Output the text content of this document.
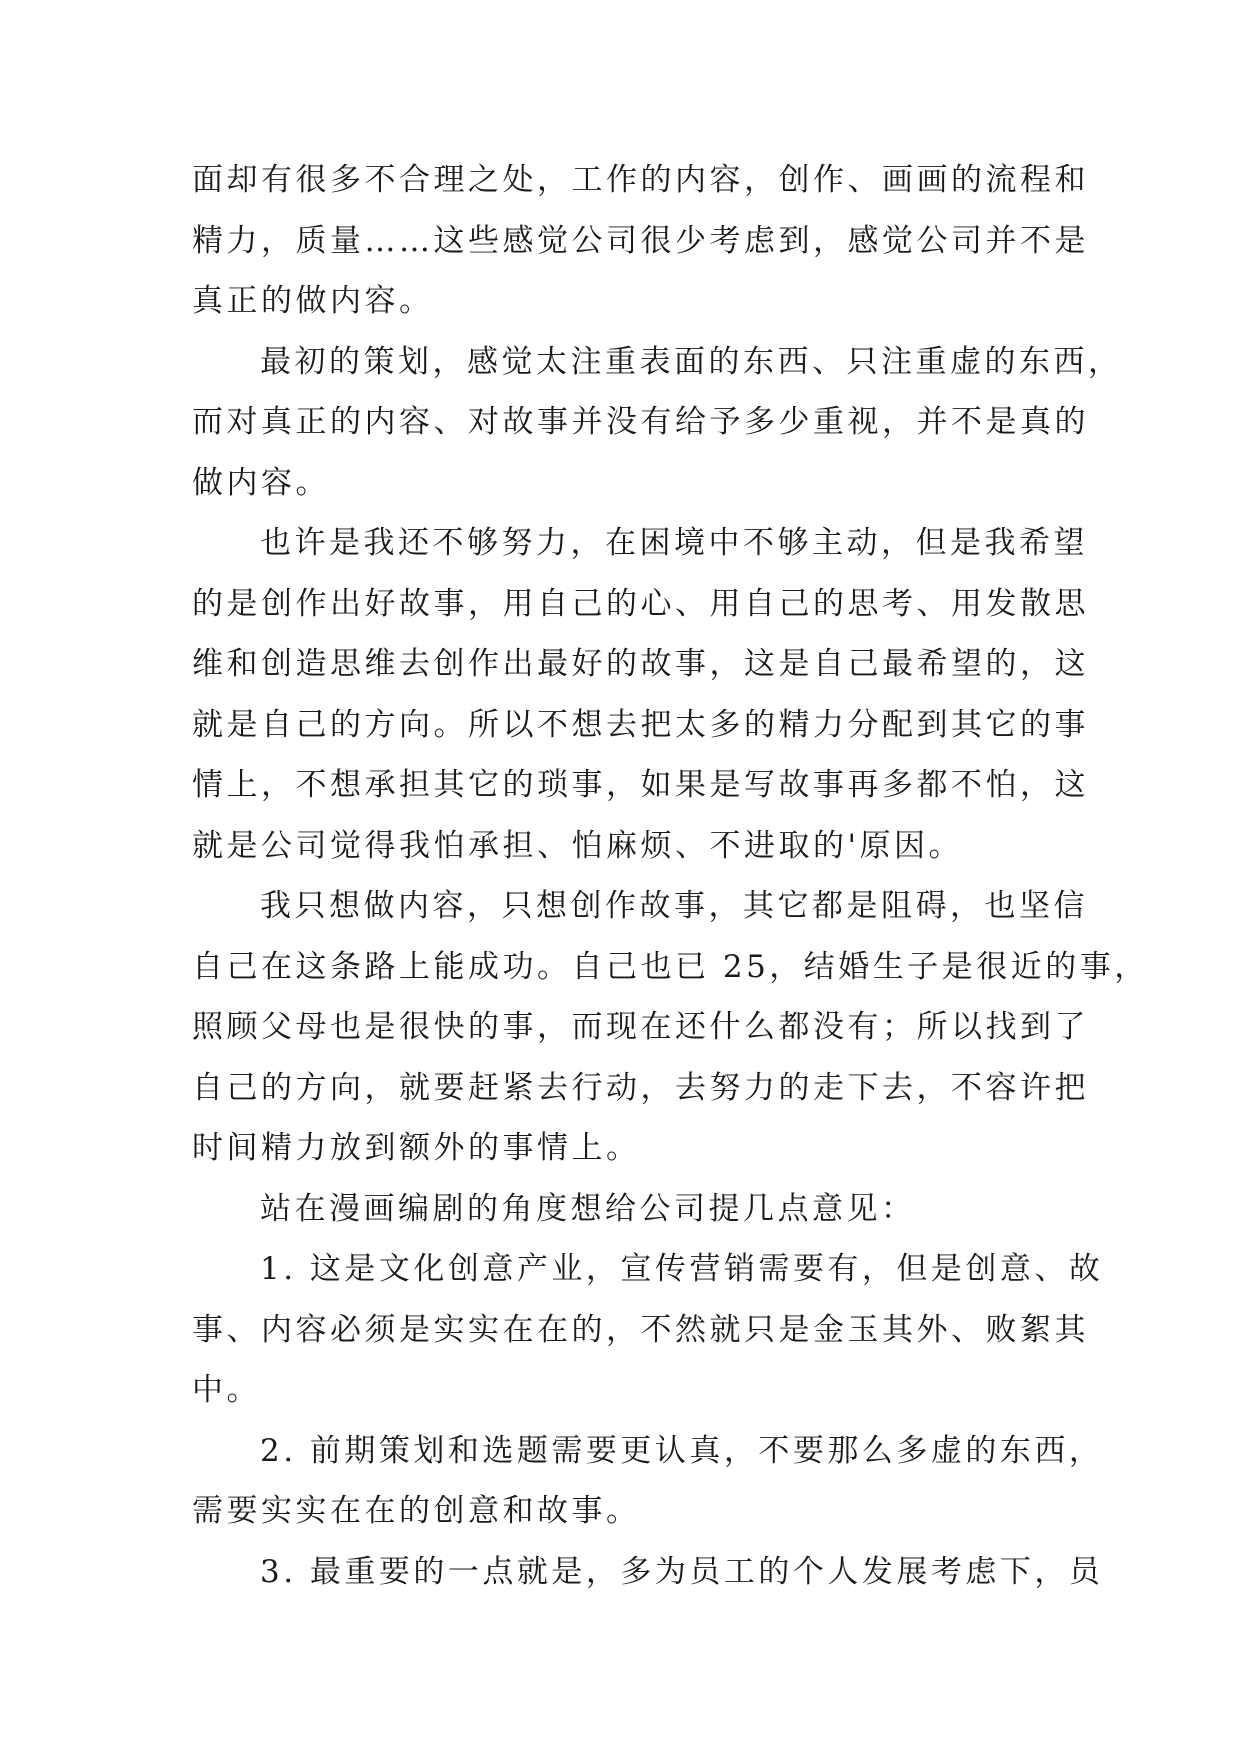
面却有很多不合理之处，工作的内容，创作、画画的流程和
精力，质量……这些感觉公司很少考虑到，感觉公司并不是
真正的做内容。
最初的策划，感觉太注重表面的东西、只注重虚的东西，
而对真正的内容、对故事并没有给予多少重视，并不是真的
做内容。
也许是我还不够努力，在困境中不够主动，但是我希望
的是创作出好故事，用自己的心、用自己的思考、用发散思
维和创造思维去创作出最好的故事，这是自己最希望的，这
就是自己的方向。所以不想去把太多的精力分配到其它的事
情上，不想承担其它的琐事，如果是写故事再多都不怕，这
就是公司觉得我怕承担、怕麻烦、不进取的'原因。
我只想做内容，只想创作故事，其它都是阻碍，也坚信
自己在这条路上能成功。自己也已 25，结婚生子是很近的事，
照顾父母也是很快的事，而现在还什么都没有；所以找到了
自己的方向，就要赶紧去行动，去努力的走下去，不容许把
时间精力放到额外的事情上。
站在漫画编剧的角度想给公司提几点意见：
1. 这是文化创意产业，宣传营销需要有，但是创意、故
事、内容必须是实实在在的，不然就只是金玉其外、败絮其
中。
2. 前期策划和选题需要更认真，不要那么多虚的东西，
需要实实在在的创意和故事。
3. 最重要的一点就是，多为员工的个人发展考虑下，员
